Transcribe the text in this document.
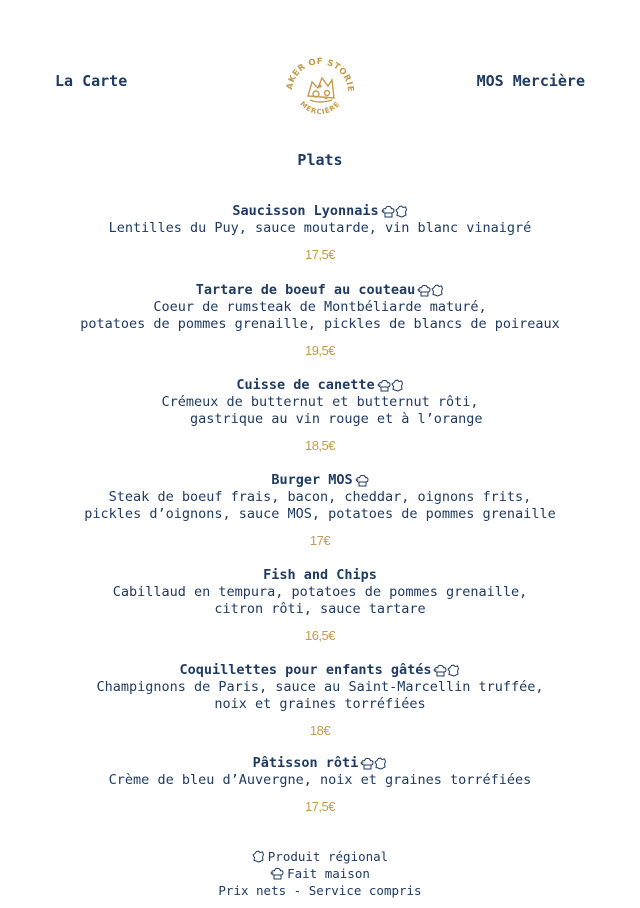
La Carte	AKER OF STORIE
MERCIÈRE
MOS Mercière
Plats
Saucisson Lyonnais
Lentilles du Puy, sauce moutarde, vin blanc vinaigré
17,5€
Tartare de boeuf au couteau
Coeur de rumsteak de Montbéliarde maturé,
potatoes de pommes grenaille, pickles de blancs de poireaux
19,5€
Cuisse de canette
Crémeux de butternut et butternut rôti,
gastrique au vin rouge et à l’orange
18,5€
Burger MOS
Steak de boeuf frais, bacon, cheddar, oignons frits,
pickles d’oignons, sauce MOS, potatoes de pommes grenaille
17€
Fish and Chips
Cabillaud en tempura, potatoes de pommes grenaille,
citron rôti, sauce tartare
16,5€
Coquillettes pour enfants gâtés
Champignons de Paris, sauce au Saint-Marcellin truffée,
noix et graines torréfiées
18€
Pâtisson rôti
Crème de bleu d’Auvergne, noix et graines torréfiées
17,5€
Produit régional
Fait maison
Prix nets - Service compris
